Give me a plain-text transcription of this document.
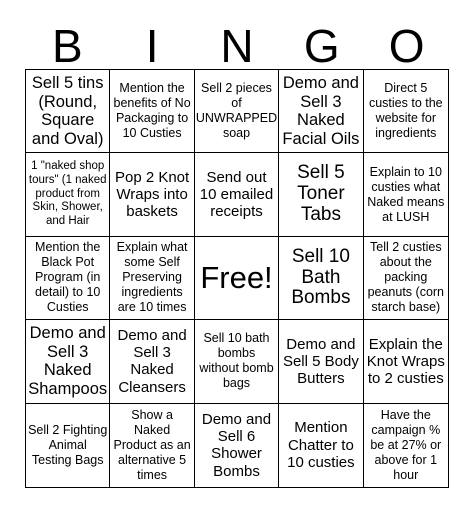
B	I	N	G	O
Sell 5 tins (Round, Square and Oval)
Mention the benefits of No Packaging to 10 Custies
Sell 2 pieces of UNWRAPPED soap
Demo and Sell 3 Naked Facial Oils
Direct 5 custies to the website for ingredients
1 "naked shop tours" (1 naked product from Skin, Shower, and Hair
Pop 2 Knot Wraps into baskets
Send out 10 emailed receipts
Sell 5 Toner Tabs
Explain to 10 custies what Naked means at LUSH
Mention the Black Pot Program (in detail) to 10 Custies
Explain what some Self Preserving ingredients are 10 times
Free!
Sell 10 Bath Bombs
Tell 2 custies about the packing peanuts (corn starch base)
Demo and Sell 3 Naked Shampoos
Demo and Sell 3 Naked Cleansers
Sell 10 bath bombs without bomb bags
Demo and Sell 5 Body Butters
Explain the Knot Wraps to 2 custies
Sell 2 Fighting Animal Testing Bags
Show a Naked Product as an alternative 5 times
Demo and Sell 6 Shower Bombs
Mention Chatter to 10 custies
Have the campaign % be at 27% or above for 1 hour
